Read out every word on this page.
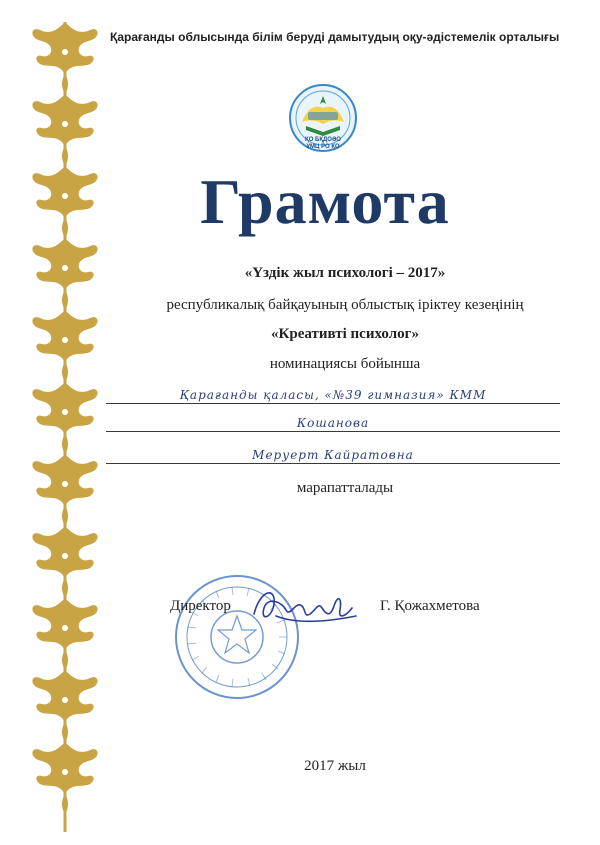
Қарағанды облысында білім беруді дамытудың оқу-әдістемелік орталығы
ҚО БҚДОӘО
УМЦ РО КО
Грамота
«Үздік жыл психологі – 2017»
республикалық байқауының облыстық іріктеу кезеңінің
«Креативті психолог»
номинациясы бойынша
Қарағанды қаласы, «№39 гимназия» КММ
Кошанова
Меруерт Кайратовна
марапатталады
Директор	Г. Қожахметова
2017 жыл
